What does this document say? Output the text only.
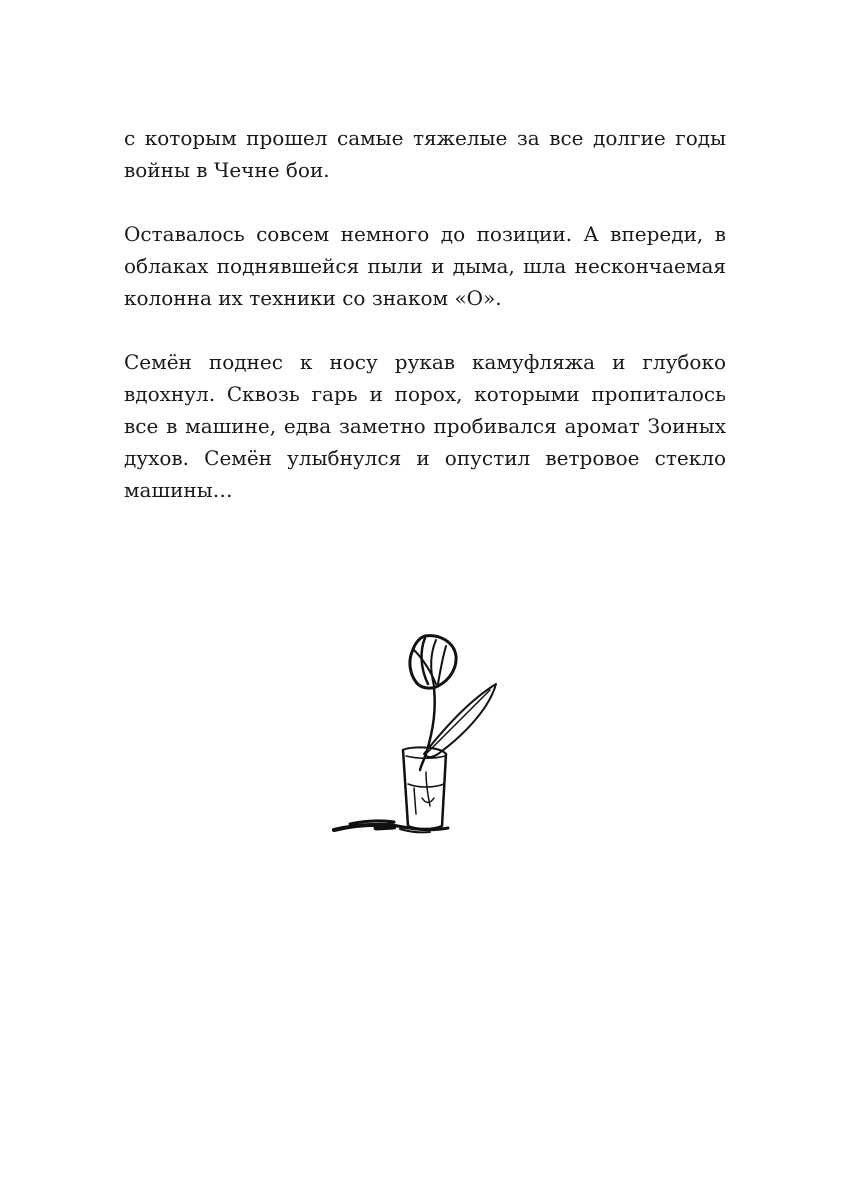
с которым прошел самые тяжелые за все долгие годы войны в Чечне бои.

Оставалось совсем немного до позиции. А впереди, в облаках поднявшейся пыли и дыма, шла нескончаемая колонна их техники со знаком «О».

Семён поднес к носу рукав камуфляжа и глубоко вдохнул. Сквозь гарь и порох, которыми пропиталось все в машине, едва заметно пробивался аромат Зоиных духов. Семён улыбнулся и опустил ветровое стекло машины…
